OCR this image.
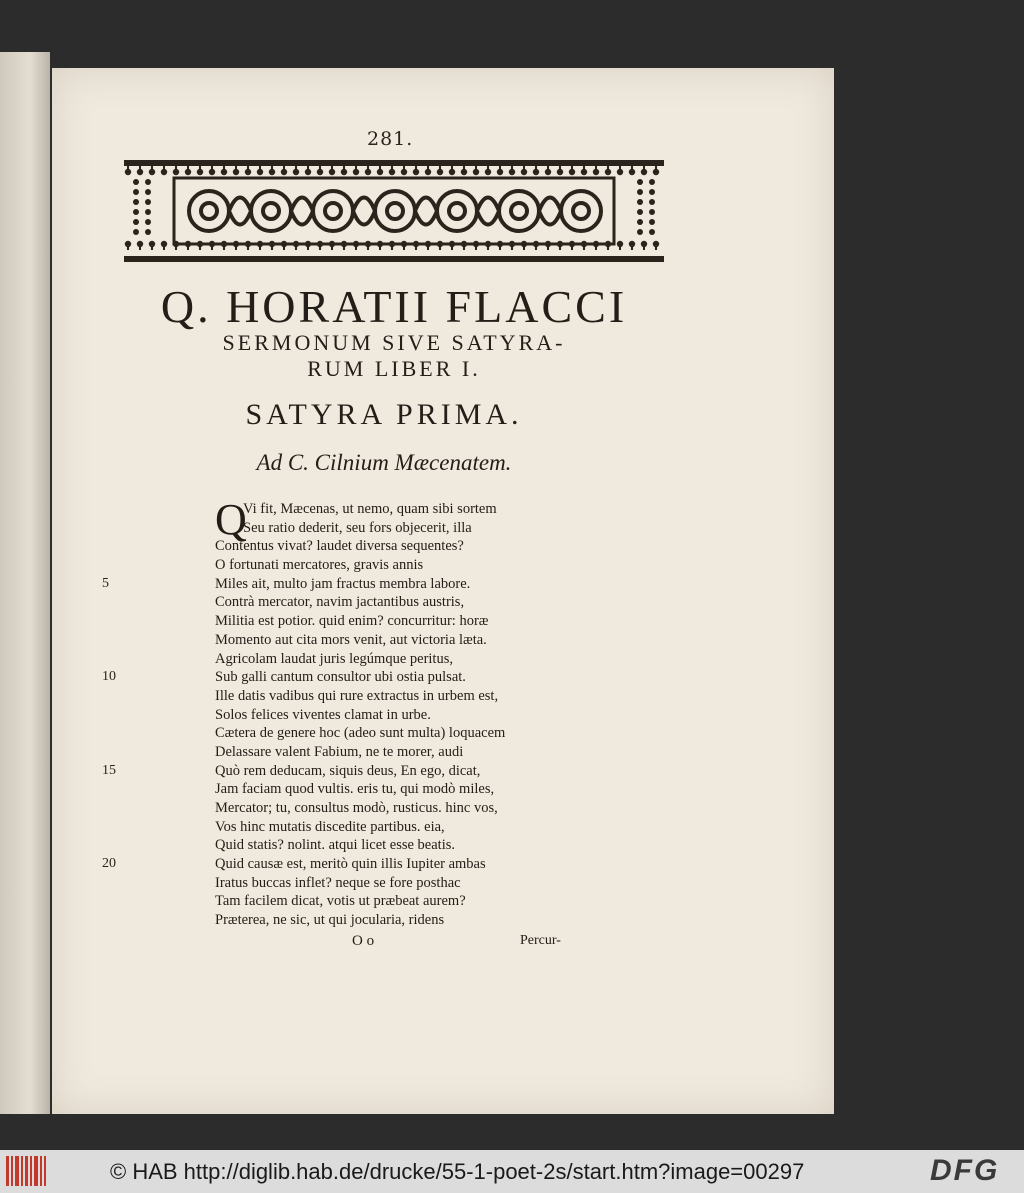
281.
Q. HORATII FLACCI
SERMONUM SIVE SATYRA-
RUM LIBER I.
SATYRA PRIMA.
Ad C. Cilnium Mæcenatem.
Q
Vi fit, Mæcenas, ut nemo, quam sibi sortem
Seu ratio dederit, seu fors objecerit, illa
Contentus vivat? laudet diversa sequentes?
O fortunati mercatores, gravis annis
Miles ait, multo jam fractus membra labore.
Contrà mercator, navim jactantibus austris,
Militia est potior. quid enim? concurritur: horæ
Momento aut cita mors venit, aut victoria læta.
Agricolam laudat juris legúmque peritus,
Sub galli cantum consultor ubi ostia pulsat.
Ille datis vadibus qui rure extractus in urbem est,
Solos felices viventes clamat in urbe.
Cætera de genere hoc (adeo sunt multa) loquacem
Delassare valent Fabium, ne te morer, audi
Quò rem deducam, siquis deus, En ego, dicat,
Jam faciam quod vultis. eris tu, qui modò miles,
Mercator; tu, consultus modò, rusticus. hinc vos,
Vos hinc mutatis discedite partibus. eia,
Quid statis? nolint. atqui licet esse beatis.
Quid causæ est, meritò quin illis Iupiter ambas
Iratus buccas inflet? neque se fore posthac
Tam facilem dicat, votis ut præbeat aurem?
Præterea, ne sic, ut qui jocularia, ridens
5
10
15
20
O o	Percur-
© HAB http://diglib.hab.de/drucke/55-1-poet-2s/start.htm?image=00297	DFG
